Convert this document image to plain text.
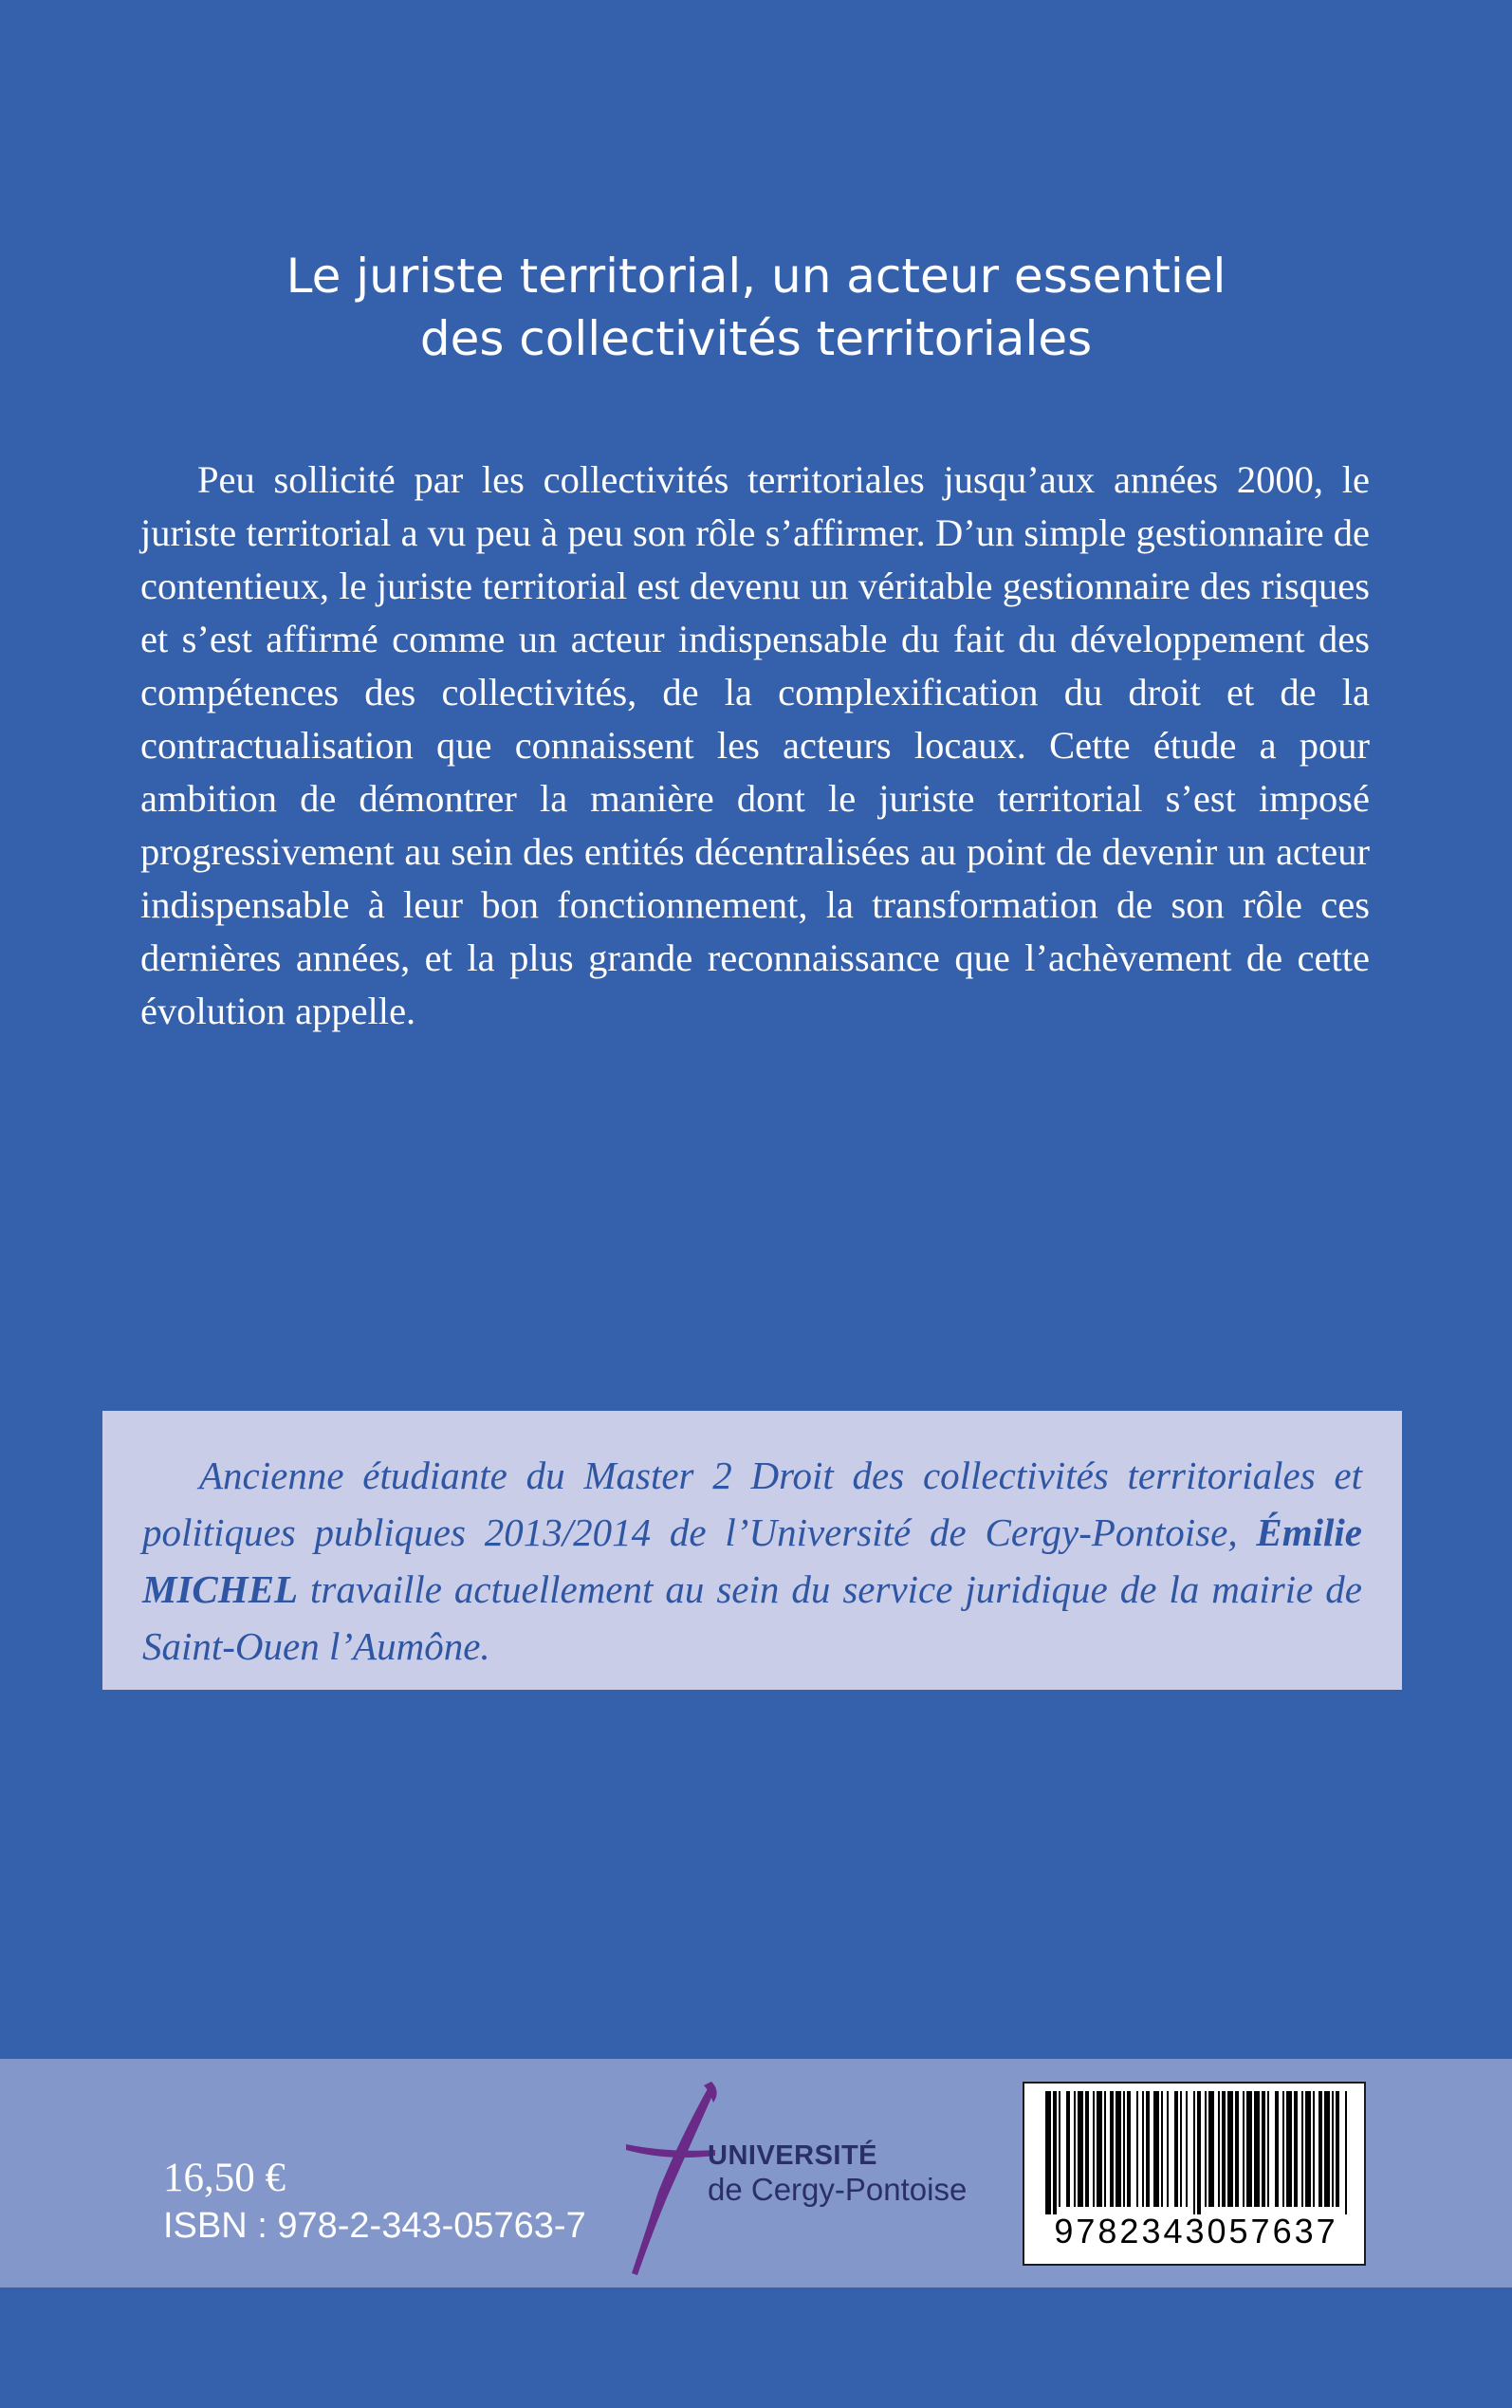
Le juriste territorial, un acteur essentiel
des collectivités territoriales

Peu sollicité par les collectivités territoriales jusqu’aux années 2000, le juriste territorial a vu peu à peu son rôle s’affirmer. D’un simple gestionnaire de contentieux, le juriste territorial est devenu un véritable gestionnaire des risques et s’est affirmé comme un acteur indispensable du fait du développement des compétences des collectivités, de la complexification du droit et de la contractualisation que connaissent les acteurs locaux. Cette étude a pour ambition de démontrer la manière dont le juriste territorial s’est imposé progressivement au sein des entités décentralisées au point de devenir un acteur indispensable à leur bon fonctionnement, la transformation de son rôle ces dernières années, et la plus grande reconnaissance que l’achèvement de cette évolution appelle.

Ancienne étudiante du Master 2 Droit des collectivités territoriales et politiques publiques 2013/2014 de l’Université de Cergy-Pontoise, Émilie MICHEL travaille actuellement au sein du service juridique de la mairie de Saint-Ouen l’Aumône.

16,50 €
ISBN : 978-2-343-05763-7
UNIVERSITÉ
de Cergy-Pontoise
9782343057637
